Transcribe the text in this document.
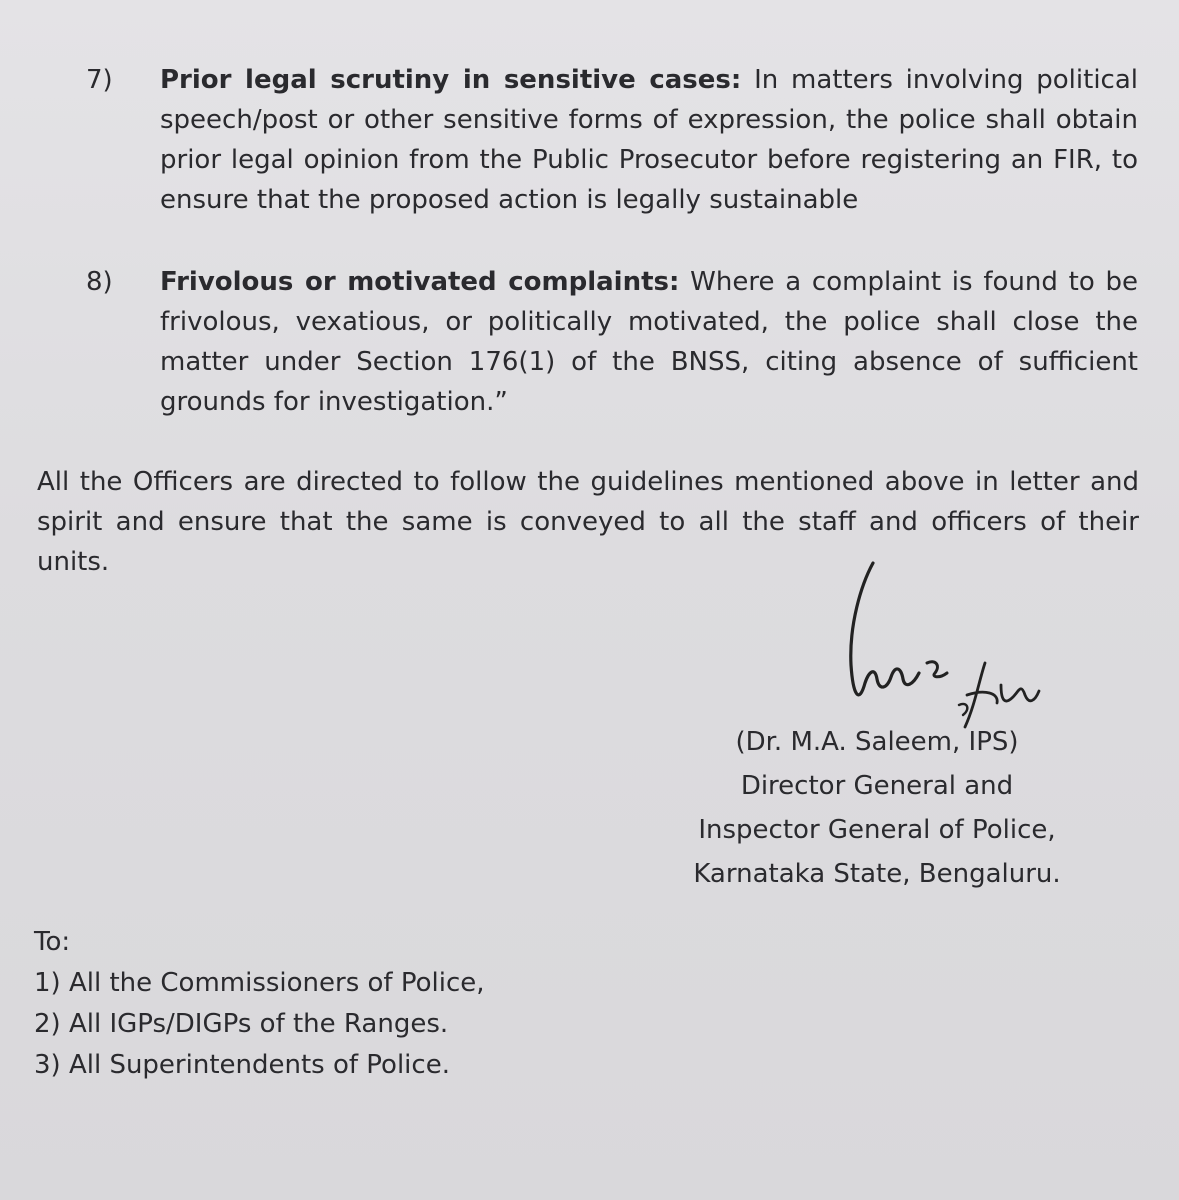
7) Prior legal scrutiny in sensitive cases: In matters involving political speech/post or other sensitive forms of expression, the police shall obtain prior legal opinion from the Public Prosecutor before registering an FIR, to ensure that the proposed action is legally sustainable
8) Frivolous or motivated complaints: Where a complaint is found to be frivolous, vexatious, or politically motivated, the police shall close the matter under Section 176(1) of the BNSS, citing absence of sufficient grounds for investigation.”
All the Officers are directed to follow the guidelines mentioned above in letter and spirit and ensure that the same is conveyed to all the staff and officers of their units.
(Dr. M.A. Saleem, IPS)
Director General and
Inspector General of Police,
Karnataka State, Bengaluru.
To:
1) All the Commissioners of Police,
2) All IGPs/DIGPs of the Ranges.
3) All Superintendents of Police.
